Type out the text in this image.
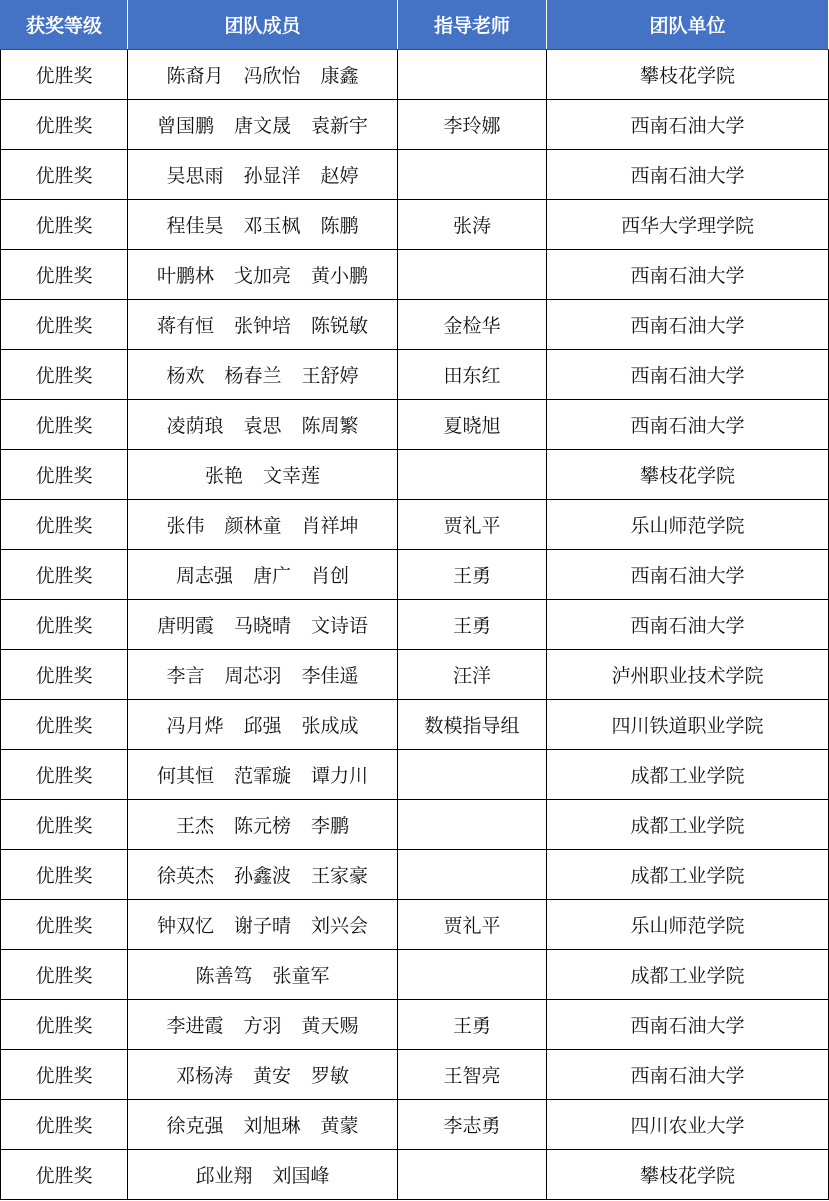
获奖等级	团队成员	指导老师	团队单位
优胜奖	陈裔月 冯欣怡 康鑫		攀枝花学院
优胜奖	曾国鹏 唐文晟 袁新宇	李玲娜	西南石油大学
优胜奖	吴思雨 孙显洋 赵婷		西南石油大学
优胜奖	程佳昊 邓玉枫 陈鹏	张涛	西华大学理学院
优胜奖	叶鹏林 戈加亮 黄小鹏		西南石油大学
优胜奖	蒋有恒 张钟培 陈锐敏	金检华	西南石油大学
优胜奖	杨欢 杨春兰 王舒婷	田东红	西南石油大学
优胜奖	凌荫琅 袁思 陈周繁	夏晓旭	西南石油大学
优胜奖	张艳 文幸莲		攀枝花学院
优胜奖	张伟 颜林童 肖祥坤	贾礼平	乐山师范学院
优胜奖	周志强 唐广 肖创	王勇	西南石油大学
优胜奖	唐明霞 马晓晴 文诗语	王勇	西南石油大学
优胜奖	李言 周芯羽 李佳遥	汪洋	泸州职业技术学院
优胜奖	冯月烨 邱强 张成成	数模指导组	四川铁道职业学院
优胜奖	何其恒 范霏璇 谭力川		成都工业学院
优胜奖	王杰 陈元榜 李鹏		成都工业学院
优胜奖	徐英杰 孙鑫波 王家豪		成都工业学院
优胜奖	钟双忆 谢子晴 刘兴会	贾礼平	乐山师范学院
优胜奖	陈善笃 张童军		成都工业学院
优胜奖	李进霞 方羽 黄天赐	王勇	西南石油大学
优胜奖	邓杨涛 黄安 罗敏	王智亮	西南石油大学
优胜奖	徐克强 刘旭琳 黄蒙	李志勇	四川农业大学
优胜奖	邱业翔 刘国峰		攀枝花学院
